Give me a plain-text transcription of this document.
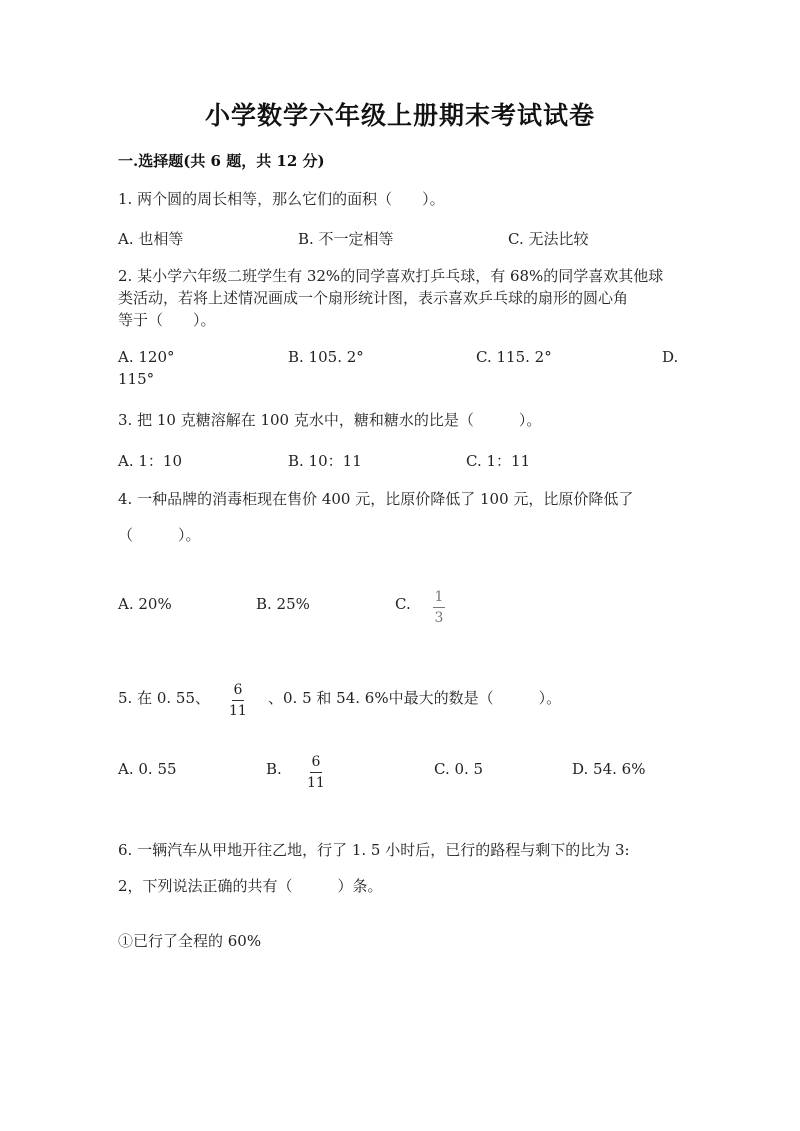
小学数学六年级上册期末考试试卷
一.选择题(共 6 题，共 12 分)
1. 两个圆的周长相等，那么它们的面积（　　）。
A. 也相等	B. 不一定相等	C. 无法比较
2. 某小学六年级二班学生有 32%的同学喜欢打乒乓球，有 68%的同学喜欢其他球
类活动，若将上述情况画成一个扇形统计图，表示喜欢乒乓球的扇形的圆心角
等于（　　）。
A. 120°	B. 105. 2°	C. 115. 2°	D.
115°
3. 把 10 克糖溶解在 100 克水中，糖和糖水的比是（　　　）。
A. 1：10	B. 10：11	C. 1：11
4. 一种品牌的消毒柜现在售价 400 元，比原价降低了 100 元，比原价降低了
（　　　）。
A. 20%	B. 25%	C. 1
3
5. 在 0. 55、 6
11
、0. 5 和 54. 6%中最大的数是（　　　）。
A. 0. 55	B. 6
11
C. 0. 5	D. 54. 6%
6. 一辆汽车从甲地开往乙地，行了 1. 5 小时后，已行的路程与剩下的比为 3:
2，下列说法正确的共有（　　　）条。
①已行了全程的 60%
